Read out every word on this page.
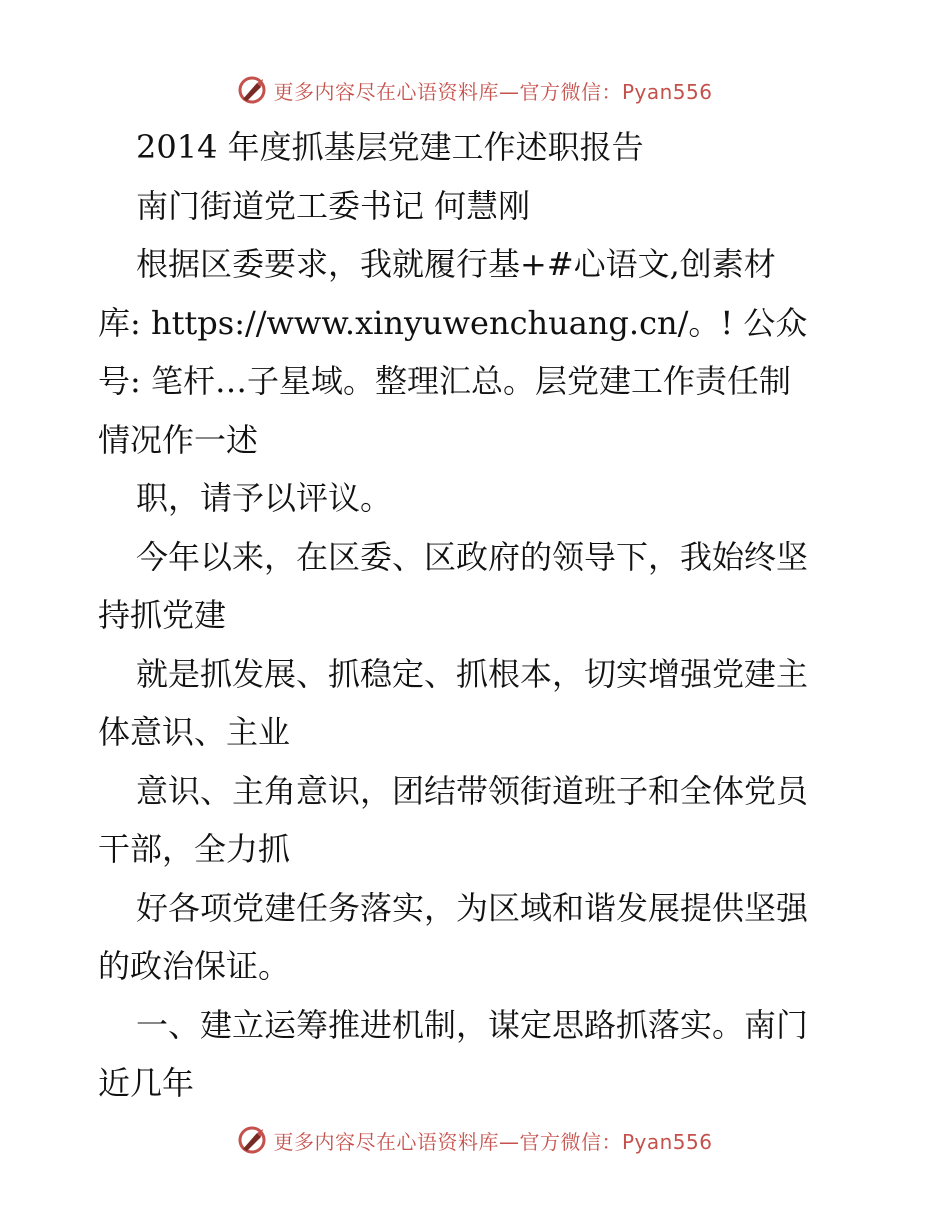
更多内容尽在心语资料库—官方微信：Pyan556
2014 年度抓基层党建工作述职报告
南门街道党工委书记 何慧刚
根据区委要求，我就履行基+#心语文,创素材
库: https://www.xinyuwenchuang.cn/。! 公众
号: 笔杆…子星域。整理汇总。层党建工作责任制
情况作一述
职，请予以评议。
今年以来，在区委、区政府的领导下，我始终坚
持抓党建
就是抓发展、抓稳定、抓根本，切实增强党建主
体意识、主业
意识、主角意识，团结带领街道班子和全体党员
干部，全力抓
好各项党建任务落实，为区域和谐发展提供坚强
的政治保证。
一、建立运筹推进机制，谋定思路抓落实。南门
近几年
更多内容尽在心语资料库—官方微信：Pyan556
